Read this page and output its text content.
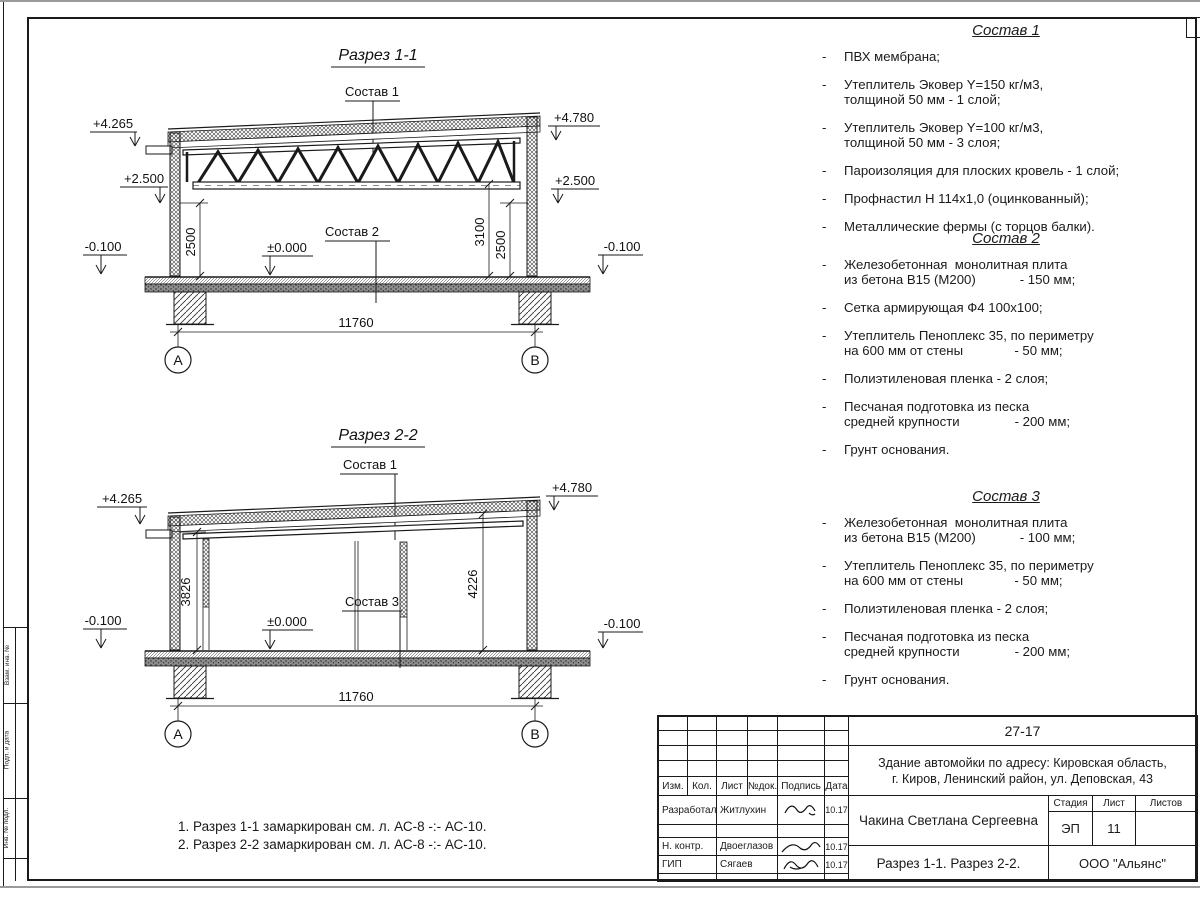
Взам. инв. №
Подп. и дата
Инв. № подл.
Разрез 1-1
Состав 1
Состав 2
+4.265	+4.780
+2.500	+2.500
±0.000
-0.100	-0.100
2500	3100 2500
11760
А	В
Разрез 2-2
Состав 1
Состав 3
+4.265
+4.780
±0.000
-0.100	-0.100
3826	4226
11760
А	В
Состав 1
-	ПВХ мембрана;
-	Утеплитель Эковер Y=150 кг/м3,
толщиной 50 мм - 1 слой;
-	Утеплитель Эковер Y=100 кг/м3,
толщиной 50 мм - 3 слоя;
-	Пароизоляция для плоских кровель - 1 слой;
-	Профнастил Н 114х1,0 (оцинкованный);
-	Металлические фермы (с торцов балки).
Состав 2
-	Железобетонная  монолитная плита
из бетона В15 (М200)            - 150 мм;
-	Сетка армирующая Ф4 100х100;
-	Утеплитель Пеноплекс 35, по периметру
на 600 мм от стены              - 50 мм;
-	Полиэтиленовая пленка - 2 слоя;
-	Песчаная подготовка из песка
средней крупности               - 200 мм;
-	Грунт основания.
Состав 3
-	Железобетонная  монолитная плита
из бетона В15 (М200)            - 100 мм;
-	Утеплитель Пеноплекс 35, по периметру
на 600 мм от стены              - 50 мм;
-	Полиэтиленовая пленка - 2 слоя;
-	Песчаная подготовка из песка
средней крупности               - 200 мм;
-	Грунт основания.
1. Разрез 1-1 замаркирован см. л. АС-8 -:- АС-10.
2. Разрез 2-2 замаркирован см. л. АС-8 -:- АС-10.
Изм. Кол. Лист №док. Подпись Дата
Разработал Житлухин	10.17
Н. контр.	Двоеглазов	10.17
ГИП	Сягаев	10.17
27-17
Здание автомойки по адресу: Кировская область,
г. Киров, Ленинский район, ул. Деповская, 43
Чакина Светлана Сергеевна
Стадия	Лист	Листов
ЭП	11
Разрез 1-1. Разрез 2-2.	ООО "Альянс"
